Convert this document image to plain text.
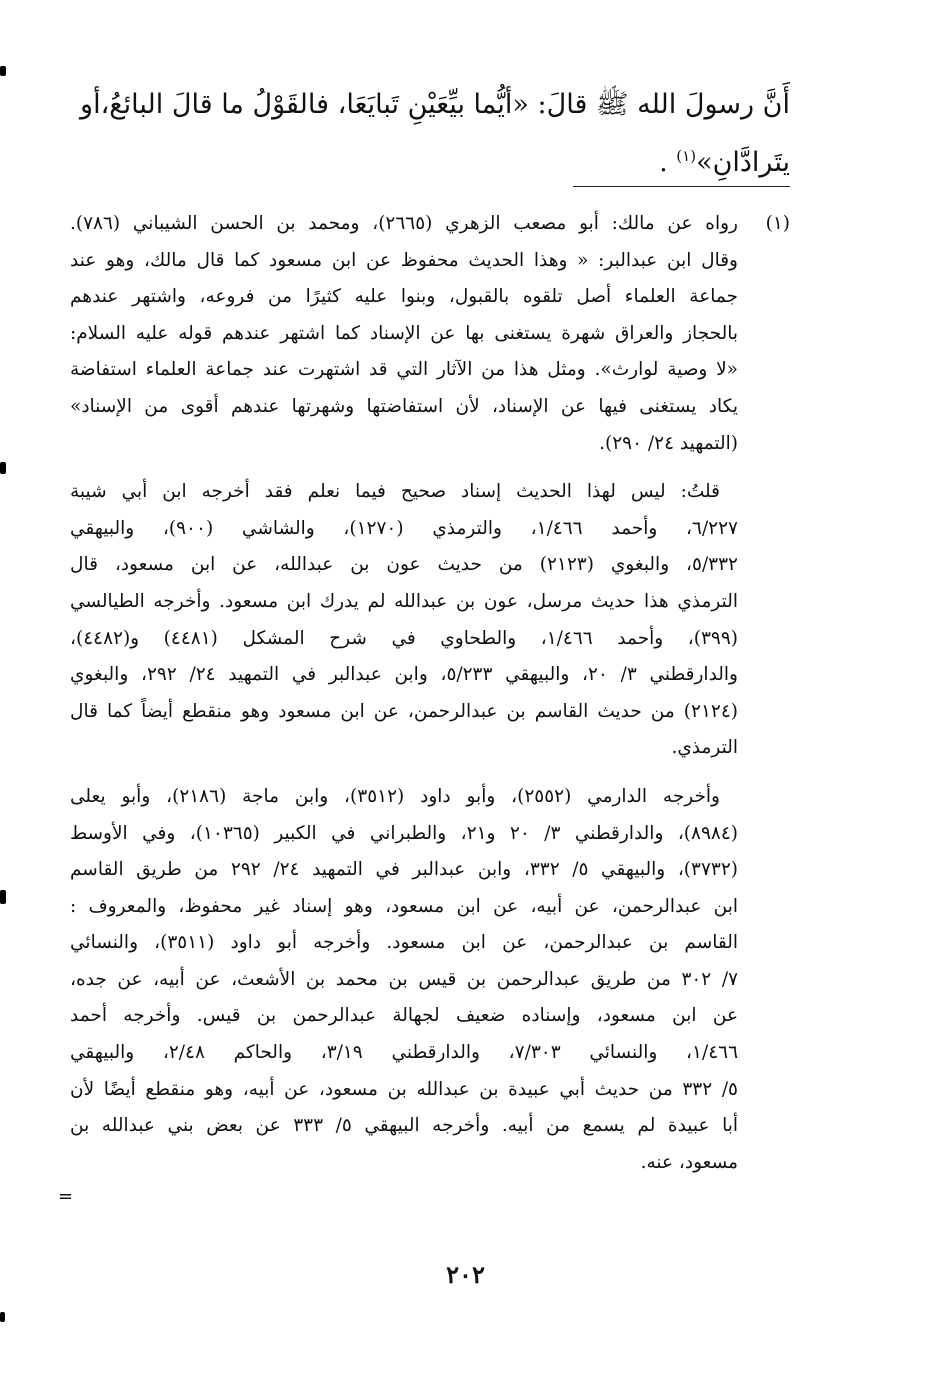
أَنَّ رسولَ الله ﷺ قالَ: «أيُّما بيِّعَيْنِ تَبايَعَا، فالقَوْلُ ما قالَ البائعُ،أو
يتَرادَّانِ»$^{(١)}$ .
(١)
رواه عن مالك: أبو مصعب الزهري (٢٦٦٥)، ومحمد بن الحسن الشيباني (٧٨٦).
وقال ابن عبدالبر: « وهذا الحديث محفوظ عن ابن مسعود كما قال مالك، وهو عند
جماعة العلماء أصل تلقوه بالقبول، وبنوا عليه كثيرًا من فروعه، واشتهر عندهم
بالحجاز والعراق شهرة يستغنى بها عن الإسناد كما اشتهر عندهم قوله عليه السلام:
«لا وصية لوارث». ومثل هذا من الآثار التي قد اشتهرت عند جماعة العلماء استفاضة
يكاد يستغنى فيها عن الإسناد، لأن استفاضتها وشهرتها عندهم أقوى من الإسناد»
(التمهيد ٢٤/ ٢٩٠).
قلتُ: ليس لهذا الحديث إسناد صحيح فيما نعلم فقد أخرجه ابن أبي شيبة
٦/٢٢٧، وأحمد ١/٤٦٦، والترمذي (١٢٧٠)، والشاشي (٩٠٠)، والبيهقي
٥/٣٣٢، والبغوي (٢١٢٣) من حديث عون بن عبدالله، عن ابن مسعود، قال
الترمذي هذا حديث مرسل، عون بن عبدالله لم يدرك ابن مسعود. وأخرجه الطيالسي
(٣٩٩)، وأحمد ١/٤٦٦، والطحاوي في شرح المشكل (٤٤٨١) و(٤٤٨٢)،
والدارقطني ٣/ ٢٠، والبيهقي ٥/٢٣٣، وابن عبدالبر في التمهيد ٢٤/ ٢٩٢، والبغوي
(٢١٢٤) من حديث القاسم بن عبدالرحمن، عن ابن مسعود وهو منقطع أيضاً كما قال
الترمذي.
وأخرجه الدارمي (٢٥٥٢)، وأبو داود (٣٥١٢)، وابن ماجة (٢١٨٦)، وأبو يعلى
(٨٩٨٤)، والدارقطني ٣/ ٢٠ و٢١، والطبراني في الكبير (١٠٣٦٥)، وفي الأوسط
(٣٧٣٢)، والبيهقي ٥/ ٣٣٢، وابن عبدالبر في التمهيد ٢٤/ ٢٩٢ من طريق القاسم
ابن عبدالرحمن، عن أبيه، عن ابن مسعود، وهو إسناد غير محفوظ، والمعروف :
القاسم بن عبدالرحمن، عن ابن مسعود. وأخرجه أبو داود (٣٥١١)، والنسائي
٧/ ٣٠٢ من طريق عبدالرحمن بن قيس بن محمد بن الأشعث، عن أبيه، عن جده،
عن ابن مسعود، وإسناده ضعيف لجهالة عبدالرحمن بن قيس. وأخرجه أحمد
١/٤٦٦، والنسائي ٧/٣٠٣، والدارقطني ٣/١٩، والحاكم ٢/٤٨، والبيهقي
٥/ ٣٣٢ من حديث أبي عبيدة بن عبدالله بن مسعود، عن أبيه، وهو منقطع أيضًا لأن
أبا عبيدة لم يسمع من أبيه. وأخرجه البيهقي ٥/ ٣٣٣ عن بعض بني عبدالله بن
مسعود، عنه.
=
٢٠٢
